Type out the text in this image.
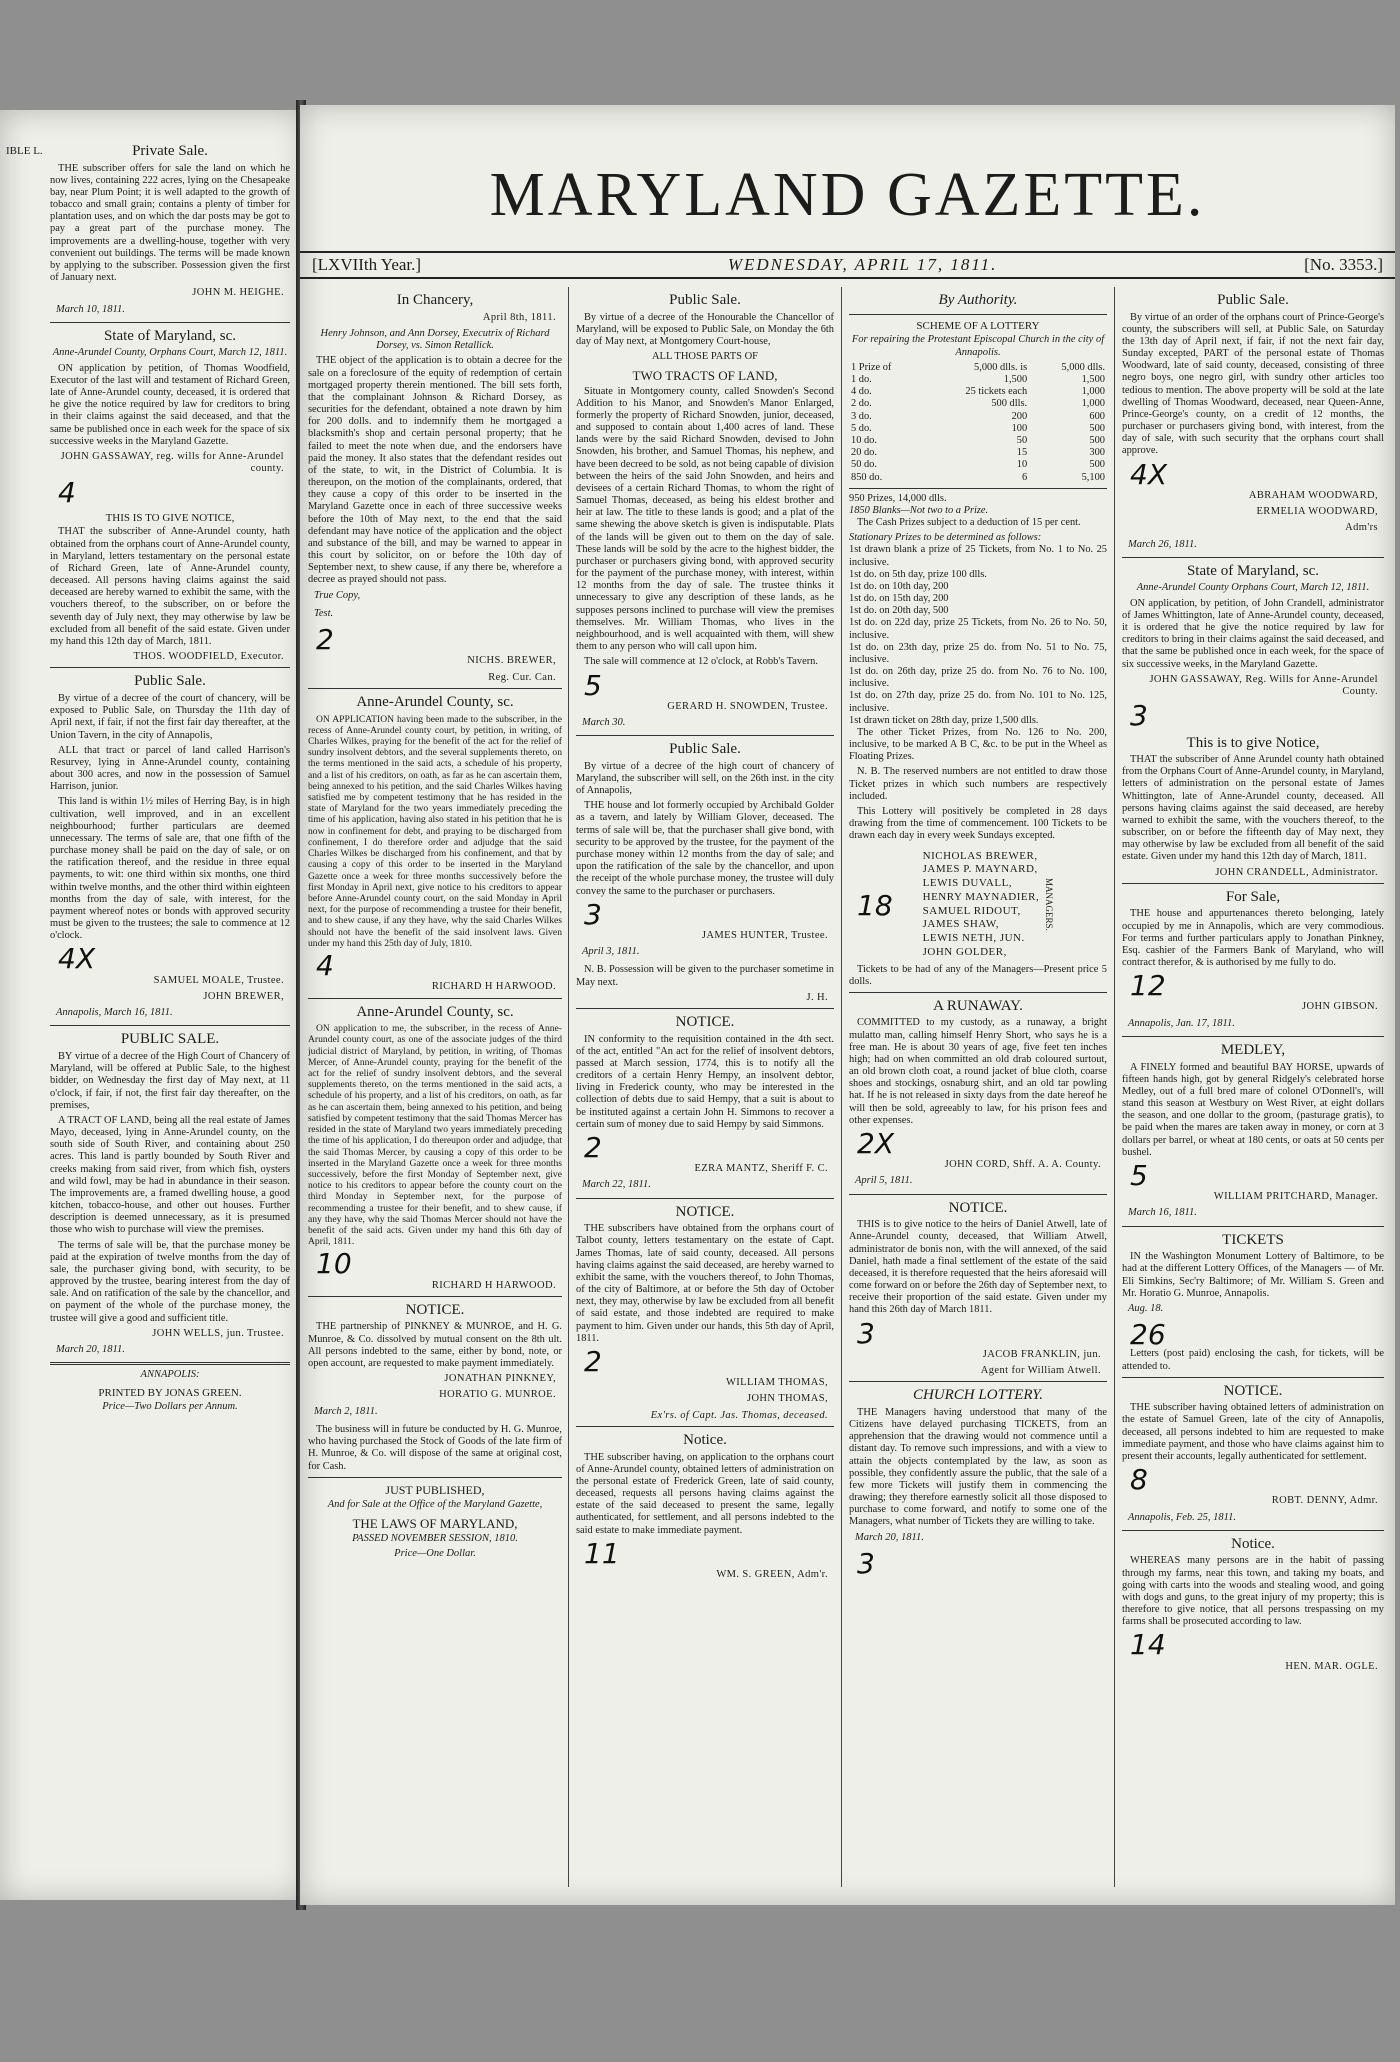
IBLE L.	Private Sale.

THE subscriber offers for sale the land on which he now lives, containing 222 acres, lying on the Chesapeake bay, near Plum Point; it is well adapted to the growth of tobacco and small grain; contains a plenty of timber for plantation uses, and on which the dar posts may be got to pay a great part of the purchase money. The improvements are a dwelling-house, together with very convenient out buildings. The terms will be made known by applying to the subscriber. Possession given the first of January next.

JOHN M. HEIGHE.
March 10, 1811.
State of Maryland, sc.
Anne-Arundel County, Orphans Court, March 12, 1811.

ON application by petition, of Thomas Woodfield, Executor of the last will and testament of Richard Green, late of Anne-Arundel county, deceased, it is ordered that he give the notice required by law for creditors to bring in their claims against the said deceased, and that the same be published once in each week for the space of six successive weeks in the Maryland Gazette.

JOHN GASSAWAY, reg. wills for Anne-Arundel county.
4
THIS IS TO GIVE NOTICE,

THAT the subscriber of Anne-Arundel county, hath obtained from the orphans court of Anne-Arundel county, in Maryland, letters testamentary on the personal estate of Richard Green, late of Anne-Arundel county, deceased. All persons having claims against the said deceased are hereby warned to exhibit the same, with the vouchers thereof, to the subscriber, on or before the seventh day of July next, they may otherwise by law be excluded from all benefit of the said estate. Given under my hand this 12th day of March, 1811.

THOS. WOODFIELD, Executor.
Public Sale.

By virtue of a decree of the court of chancery, will be exposed to Public Sale, on Thursday the 11th day of April next, if fair, if not the first fair day thereafter, at the Union Tavern, in the city of Annapolis,

ALL that tract or parcel of land called Harrison's Resurvey, lying in Anne-Arundel county, containing about 300 acres, and now in the possession of Samuel Harrison, junior.

This land is within 1½ miles of Herring Bay, is in high cultivation, well improved, and in an excellent neighbourhood; further particulars are deemed unnecessary. The terms of sale are, that one fifth of the purchase money shall be paid on the day of sale, or on the ratification thereof, and the residue in three equal payments, to wit: one third within six months, one third within twelve months, and the other third within eighteen months from the day of sale, with interest, for the payment whereof notes or bonds with approved security must be given to the trustees; the sale to commence at 12 o'clock.

4X
SAMUEL MOALE, Trustee.
JOHN BREWER,
Annapolis, March 16, 1811.
PUBLIC SALE.

BY virtue of a decree of the High Court of Chancery of Maryland, will be offered at Public Sale, to the highest bidder, on Wednesday the first day of May next, at 11 o'clock, if fair, if not, the first fair day thereafter, on the premises,

A TRACT OF LAND, being all the real estate of James Mayo, deceased, lying in Anne-Arundel county, on the south side of South River, and containing about 250 acres. This land is partly bounded by South River and creeks making from said river, from which fish, oysters and wild fowl, may be had in abundance in their season. The improvements are, a framed dwelling house, a good kitchen, tobacco-house, and other out houses. Further description is deemed unnecessary, as it is presumed those who wish to purchase will view the premises.

The terms of sale will be, that the purchase money be paid at the expiration of twelve months from the day of sale, the purchaser giving bond, with security, to be approved by the trustee, bearing interest from the day of sale. And on ratification of the sale by the chancellor, and on payment of the whole of the purchase money, the trustee will give a good and sufficient title.

JOHN WELLS, jun. Trustee.
March 20, 1811.
ANNAPOLIS:
PRINTED BY JONAS GREEN.
Price—Two Dollars per Annum.
MARYLAND GAZETTE.
[LXVIIth Year.]	WEDNESDAY, APRIL 17, 1811.	[No. 3353.]
In Chancery,
April 8th, 1811.
Henry Johnson, and Ann Dorsey, Executrix of Richard Dorsey, vs. Simon Retallick.

THE object of the application is to obtain a decree for the sale on a foreclosure of the equity of redemption of certain mortgaged property therein mentioned. The bill sets forth, that the complainant Johnson & Richard Dorsey, as securities for the defendant, obtained a note drawn by him for 200 dolls. and to indemnify them he mortgaged a blacksmith's shop and certain personal property; that he failed to meet the note when due, and the endorsers have paid the money. It also states that the defendant resides out of the state, to wit, in the District of Columbia. It is thereupon, on the motion of the complainants, ordered, that they cause a copy of this order to be inserted in the Maryland Gazette once in each of three successive weeks before the 10th of May next, to the end that the said defendant may have notice of the application and the object and substance of the bill, and may be warned to appear in this court by solicitor, on or before the 10th day of September next, to shew cause, if any there be, wherefore a decree as prayed should not pass.

True Copy,
Test.
2
NICHS. BREWER,
Reg. Cur. Can.
Anne-Arundel County, sc.

ON APPLICATION having been made to the subscriber, in the recess of Anne-Arundel county court, by petition, in writing, of Charles Wilkes, praying for the benefit of the act for the relief of sundry insolvent debtors, and the several supplements thereto, on the terms mentioned in the said acts, a schedule of his property, and a list of his creditors, on oath, as far as he can ascertain them, being annexed to his petition, and the said Charles Wilkes having satisfied me by competent testimony that he has resided in the state of Maryland for the two years immediately preceding the time of his application, having also stated in his petition that he is now in confinement for debt, and praying to be discharged from confinement, I do therefore order and adjudge that the said Charles Wilkes be discharged from his confinement, and that by causing a copy of this order to be inserted in the Maryland Gazette once a week for three months successively before the first Monday in April next, give notice to his creditors to appear before Anne-Arundel county court, on the said Monday in April next, for the purpose of recommending a trustee for their benefit, and to shew cause, if any they have, why the said Charles Wilkes should not have the benefit of the said insolvent laws. Given under my hand this 25th day of July, 1810.

4
RICHARD H HARWOOD.
Anne-Arundel County, sc.

ON application to me, the subscriber, in the recess of Anne-Arundel county court, as one of the associate judges of the third judicial district of Maryland, by petition, in writing, of Thomas Mercer, of Anne-Arundel county, praying for the benefit of the act for the relief of sundry insolvent debtors, and the several supplements thereto, on the terms mentioned in the said acts, a schedule of his property, and a list of his creditors, on oath, as far as he can ascertain them, being annexed to his petition, and being satisfied by competent testimony that the said Thomas Mercer has resided in the state of Maryland two years immediately preceding the time of his application, I do thereupon order and adjudge, that the said Thomas Mercer, by causing a copy of this order to be inserted in the Maryland Gazette once a week for three months successively, before the first Monday of September next, give notice to his creditors to appear before the county court on the third Monday in September next, for the purpose of recommending a trustee for their benefit, and to shew cause, if any they have, why the said Thomas Mercer should not have the benefit of the said acts. Given under my hand this 6th day of April, 1811.

10
RICHARD H HARWOOD.
NOTICE.

THE partnership of PINKNEY & MUNROE, and H. G. Munroe, & Co. dissolved by mutual consent on the 8th ult. All persons indebted to the same, either by bond, note, or open account, are requested to make payment immediately.

JONATHAN PINKNEY,
HORATIO G. MUNROE.
March 2, 1811.

The business will in future be conducted by H. G. Munroe, who having purchased the Stock of Goods of the late firm of H. Munroe, & Co. will dispose of the same at original cost, for Cash.

JUST PUBLISHED,
And for Sale at the Office of the Maryland Gazette,
THE LAWS OF MARYLAND,
PASSED NOVEMBER SESSION, 1810.
Price—One Dollar.
Public Sale.

By virtue of a decree of the Honourable the Chancellor of Maryland, will be exposed to Public Sale, on Monday the 6th day of May next, at Montgomery Court-house,

ALL THOSE PARTS OF
TWO TRACTS OF LAND,

Situate in Montgomery county, called Snowden's Second Addition to his Manor, and Snowden's Manor Enlarged, formerly the property of Richard Snowden, junior, deceased, and supposed to contain about 1,400 acres of land. These lands were by the said Richard Snowden, devised to John Snowden, his brother, and Samuel Thomas, his nephew, and have been decreed to be sold, as not being capable of division between the heirs of the said John Snowden, and heirs and devisees of a certain Richard Thomas, to whom the right of Samuel Thomas, deceased, as being his eldest brother and heir at law. The title to these lands is good; and a plat of the same shewing the above sketch is given is indisputable. Plats of the lands will be given out to them on the day of sale. These lands will be sold by the acre to the highest bidder, the purchaser or purchasers giving bond, with approved security for the payment of the purchase money, with interest, within 12 months from the day of sale. The trustee thinks it unnecessary to give any description of these lands, as he supposes persons inclined to purchase will view the premises themselves. Mr. William Thomas, who lives in the neighbourhood, and is well acquainted with them, will shew them to any person who will call upon him.

The sale will commence at 12 o'clock, at Robb's Tavern.

5
GERARD H. SNOWDEN, Trustee.
March 30.
Public Sale.

By virtue of a decree of the high court of chancery of Maryland, the subscriber will sell, on the 26th inst. in the city of Annapolis,

THE house and lot formerly occupied by Archibald Golder as a tavern, and lately by William Glover, deceased. The terms of sale will be, that the purchaser shall give bond, with security to be approved by the trustee, for the payment of the purchase money within 12 months from the day of sale; and upon the ratification of the sale by the chancellor, and upon the receipt of the whole purchase money, the trustee will duly convey the same to the purchaser or purchasers.

3
JAMES HUNTER, Trustee.
April 3, 1811.

N. B. Possession will be given to the purchaser sometime in May next.

J. H.
NOTICE.

IN conformity to the requisition contained in the 4th sect. of the act, entitled "An act for the relief of insolvent debtors, passed at March session, 1774, this is to notify all the creditors of a certain Henry Hempy, an insolvent debtor, living in Frederick county, who may be interested in the collection of debts due to said Hempy, that a suit is about to be instituted against a certain John H. Simmons to recover a certain sum of money due to said Hempy by said Simmons.

2
EZRA MANTZ, Sheriff F. C.
March 22, 1811.
NOTICE.

THE subscribers have obtained from the orphans court of Talbot county, letters testamentary on the estate of Capt. James Thomas, late of said county, deceased. All persons having claims against the said deceased, are hereby warned to exhibit the same, with the vouchers thereof, to John Thomas, of the city of Baltimore, at or before the 5th day of October next, they may, otherwise by law be excluded from all benefit of said estate, and those indebted are required to make payment to him. Given under our hands, this 5th day of April, 1811.

2
WILLIAM THOMAS,
JOHN THOMAS,
Ex'rs. of Capt. Jas. Thomas, deceased.
Notice.

THE subscriber having, on application to the orphans court of Anne-Arundel county, obtained letters of administration on the personal estate of Frederick Green, late of said county, deceased, requests all persons having claims against the estate of the said deceased to present the same, legally authenticated, for settlement, and all persons indebted to the said estate to make immediate payment.

11
WM. S. GREEN, Adm'r.
By Authority.
SCHEME OF A LOTTERY
For repairing the Protestant Episcopal Church in the city of Annapolis.
1 Prize of	5,000 dlls. is	5,000 dlls.
1 do.	1,500	1,500
4 do.	25 tickets each	1,000
2 do.	500 dlls.	1,000
3 do.	200	600
5 do.	100	500
10 do.	50	500
20 do.	15	300
50 do.	10	500
850 do.	6	5,100
950 Prizes, 14,000 dlls.
1850 Blanks—Not two to a Prize.

The Cash Prizes subject to a deduction of 15 per cent.

Stationary Prizes to be determined as follows:
1st drawn blank a prize of 25 Tickets, from No. 1 to No. 25 inclusive.
1st do. on 5th day, prize 100 dlls.
1st do. on 10th day, 200
1st do. on 15th day, 200
1st do. on 20th day, 500
1st do. on 22d day, prize 25 Tickets, from No. 26 to No. 50, inclusive.
1st do. on 23th day, prize 25 do. from No. 51 to No. 75, inclusive.
1st do. on 26th day, prize 25 do. from No. 76 to No. 100, inclusive.
1st do. on 27th day, prize 25 do. from No. 101 to No. 125, inclusive.
1st drawn ticket on 28th day, prize 1,500 dlls.

The other Ticket Prizes, from No. 126 to No. 200, inclusive, to be marked A B C, &c. to be put in the Wheel as Floating Prizes.

N. B. The reserved numbers are not entitled to draw those Ticket prizes in which such numbers are respectively included.

This Lottery will positively be completed in 28 days drawing from the time of commencement. 100 Tickets to be drawn each day in every week Sundays excepted.

18
NICHOLAS BREWER,
JAMES P. MAYNARD,
LEWIS DUVALL,
HENRY MAYNADIER,
SAMUEL RIDOUT,
JAMES SHAW,
LEWIS NETH, JUN.
JOHN GOLDER,
MANAGERS.

Tickets to be had of any of the Managers—Present price 5 dolls.

A RUNAWAY.

COMMITTED to my custody, as a runaway, a bright mulatto man, calling himself Henry Short, who says he is a free man. He is about 30 years of age, five feet ten inches high; had on when committed an old drab coloured surtout, an old brown cloth coat, a round jacket of blue cloth, coarse shoes and stockings, osnaburg shirt, and an old tar powling hat. If he is not released in sixty days from the date hereof he will then be sold, agreeably to law, for his prison fees and other expenses.

2X
JOHN CORD, Shff. A. A. County.
April 5, 1811.
NOTICE.

THIS is to give notice to the heirs of Daniel Atwell, late of Anne-Arundel county, deceased, that William Atwell, administrator de bonis non, with the will annexed, of the said Daniel, hath made a final settlement of the estate of the said deceased, it is therefore requested that the heirs aforesaid will come forward on or before the 26th day of September next, to receive their proportion of the said estate. Given under my hand this 26th day of March 1811.

3
JACOB FRANKLIN, jun.
Agent for William Atwell.
CHURCH LOTTERY.

THE Managers having understood that many of the Citizens have delayed purchasing TICKETS, from an apprehension that the drawing would not commence until a distant day. To remove such impressions, and with a view to attain the objects contemplated by the law, as soon as possible, they confidently assure the public, that the sale of a few more Tickets will justify them in commencing the drawing; they therefore earnestly solicit all those disposed to purchase to come forward, and notify to some one of the Managers, what number of Tickets they are willing to take.

March 20, 1811.
3
Public Sale.

By virtue of an order of the orphans court of Prince-George's county, the subscribers will sell, at Public Sale, on Saturday the 13th day of April next, if fair, if not the next fair day, Sunday excepted, PART of the personal estate of Thomas Woodward, late of said county, deceased, consisting of three negro boys, one negro girl, with sundry other articles too tedious to mention. The above property will be sold at the late dwelling of Thomas Woodward, deceased, near Queen-Anne, Prince-George's county, on a credit of 12 months, the purchaser or purchasers giving bond, with interest, from the day of sale, with such security that the orphans court shall approve.

4X
ABRAHAM WOODWARD,
ERMELIA WOODWARD,
Adm'rs
March 26, 1811.
State of Maryland, sc.
Anne-Arundel County Orphans Court, March 12, 1811.

ON application, by petition, of John Crandell, administrator of James Whittington, late of Anne-Arundel county, deceased, it is ordered that he give the notice required by law for creditors to bring in their claims against the said deceased, and that the same be published once in each week, for the space of six successive weeks, in the Maryland Gazette.

JOHN GASSAWAY, Reg. Wills for Anne-Arundel County.
3
This is to give Notice,

THAT the subscriber of Anne Arundel county hath obtained from the Orphans Court of Anne-Arundel county, in Maryland, letters of administration on the personal estate of James Whittington, late of Anne-Arundel county, deceased. All persons having claims against the said deceased, are hereby warned to exhibit the same, with the vouchers thereof, to the subscriber, on or before the fifteenth day of May next, they may otherwise by law be excluded from all benefit of the said estate. Given under my hand this 12th day of March, 1811.

JOHN CRANDELL, Administrator.
For Sale,

THE house and appurtenances thereto belonging, lately occupied by me in Annapolis, which are very commodious. For terms and further particulars apply to Jonathan Pinkney, Esq. cashier of the Farmers Bank of Maryland, who will contract therefor, & is authorised by me fully to do.

12
JOHN GIBSON.
Annapolis, Jan. 17, 1811.
MEDLEY,

A FINELY formed and beautiful BAY HORSE, upwards of fifteen hands high, got by general Ridgely's celebrated horse Medley, out of a full bred mare of colonel O'Donnell's, will stand this season at Westbury on West River, at eight dollars the season, and one dollar to the groom, (pasturage gratis), to be paid when the mares are taken away in money, or corn at 3 dollars per barrel, or wheat at 180 cents, or oats at 50 cents per bushel.

5
WILLIAM PRITCHARD, Manager.
March 16, 1811.
TICKETS

IN the Washington Monument Lottery of Baltimore, to be had at the different Lottery Offices, of the Managers — of Mr. Eli Simkins, Sec'ry Baltimore; of Mr. William S. Green and Mr. Horatio G. Munroe, Annapolis.

Aug. 18.
26

Letters (post paid) enclosing the cash, for tickets, will be attended to.

NOTICE.

THE subscriber having obtained letters of administration on the estate of Samuel Green, late of the city of Annapolis, deceased, all persons indebted to him are requested to make immediate payment, and those who have claims against him to present their accounts, legally authenticated for settlement.

8
ROBT. DENNY, Admr.
Annapolis, Feb. 25, 1811.
Notice.

WHEREAS many persons are in the habit of passing through my farms, near this town, and taking my boats, and going with carts into the woods and stealing wood, and going with dogs and guns, to the great injury of my property; this is therefore to give notice, that all persons trespassing on my farms shall be prosecuted according to law.

14
HEN. MAR. OGLE.
